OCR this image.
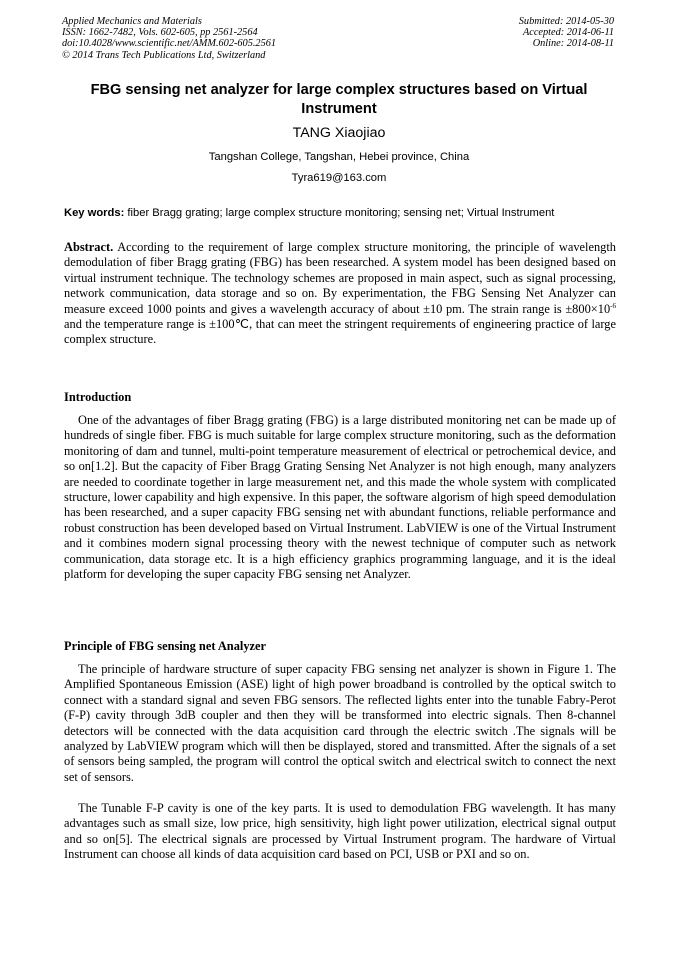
Applied Mechanics and Materials
ISSN: 1662-7482, Vols. 602-605, pp 2561-2564
doi:10.4028/www.scientific.net/AMM.602-605.2561
© 2014 Trans Tech Publications Ltd, Switzerland
Submitted: 2014-05-30
Accepted: 2014-06-11
Online: 2014-08-11
FBG sensing net analyzer for large complex structures based on Virtual Instrument
TANG Xiaojiao
Tangshan College, Tangshan, Hebei province, China
Tyra619@163.com
Key words: fiber Bragg grating; large complex structure monitoring; sensing net; Virtual Instrument
Abstract. According to the requirement of large complex structure monitoring, the principle of wavelength demodulation of fiber Bragg grating (FBG) has been researched. A system model has been designed based on virtual instrument technique. The technology schemes are proposed in main aspect, such as signal processing, network communication, data storage and so on. By experimentation, the FBG Sensing Net Analyzer can measure exceed 1000 points and gives a wavelength accuracy of about ±10 pm. The strain range is $\pm 800\times 10^{-6}$ and the temperature range is ±100℃, that can meet the stringent requirements of engineering practice of large complex structure.
Introduction
One of the advantages of fiber Bragg grating (FBG) is a large distributed monitoring net can be made up of hundreds of single fiber. FBG is much suitable for large complex structure monitoring, such as the deformation monitoring of dam and tunnel, multi-point temperature measurement of electrical or petrochemical device, and so on[1.2]. But the capacity of Fiber Bragg Grating Sensing Net Analyzer is not high enough, many analyzers are needed to coordinate together in large measurement net, and this made the whole system with complicated structure, lower capability and high expensive. In this paper, the software algorism of high speed demodulation has been researched, and a super capacity FBG sensing net with abundant functions, reliable performance and robust construction has been developed based on Virtual Instrument. LabVIEW is one of the Virtual Instrument and it combines modern signal processing theory with the newest technique of computer such as network communication, data storage etc. It is a high efficiency graphics programming language, and it is the ideal platform for developing the super capacity FBG sensing net Analyzer.
Principle of FBG sensing net Analyzer
The principle of hardware structure of super capacity FBG sensing net analyzer is shown in Figure 1. The Amplified Spontaneous Emission (ASE) light of high power broadband is controlled by the optical switch to connect with a standard signal and seven FBG sensors. The reflected lights enter into the tunable Fabry-Perot (F-P) cavity through 3dB coupler and then they will be transformed into electric signals. Then 8-channel detectors will be connected with the data acquisition card through the electric switch .The signals will be analyzed by LabVIEW program which will then be displayed, stored and transmitted. After the signals of a set of sensors being sampled, the program will control the optical switch and electrical switch to connect the next set of sensors.
The Tunable F-P cavity is one of the key parts. It is used to demodulation FBG wavelength. It has many advantages such as small size, low price, high sensitivity, high light power utilization, electrical signal output and so on[5]. The electrical signals are processed by Virtual Instrument program. The hardware of Virtual Instrument can choose all kinds of data acquisition card based on PCI, USB or PXI and so on.
